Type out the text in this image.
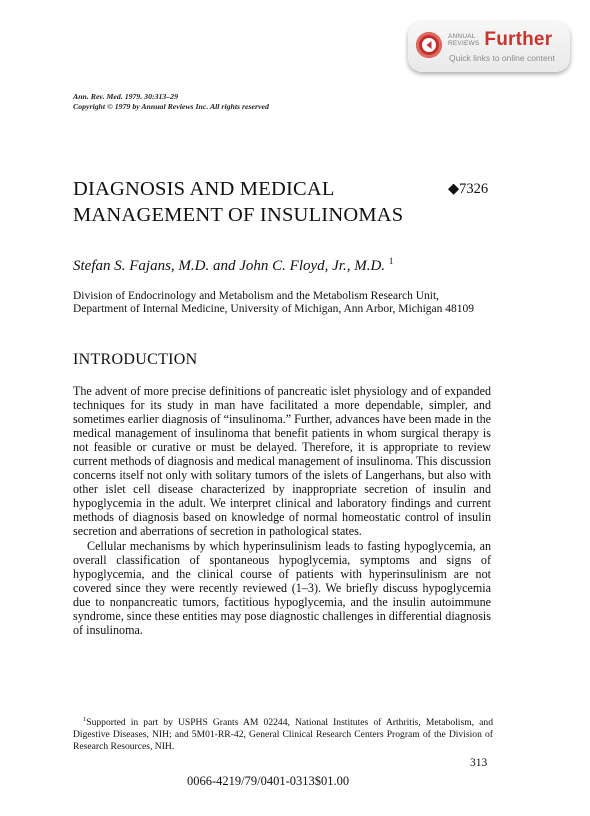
ANNUAL
REVIEWS Further
Quick links to online content
Ann. Rev. Med. 1979. 30:313–29
Copyright © 1979 by Annual Reviews Inc. All rights reserved
DIAGNOSIS AND MEDICAL
MANAGEMENT OF INSULINOMAS
◆7326
Stefan S. Fajans, M.D. and John C. Floyd, Jr., M.D. $^1$
Division of Endocrinology and Metabolism and the Metabolism Research Unit, Department of Internal Medicine, University of Michigan, Ann Arbor, Michigan 48109
INTRODUCTION

The advent of more precise definitions of pancreatic islet physiology and of expanded techniques for its study in man have facilitated a more dependable, simpler, and sometimes earlier diagnosis of “insulinoma.” Further, advances have been made in the medical management of insulinoma that benefit patients in whom surgical therapy is not feasible or curative or must be delayed. Therefore, it is appropriate to review current methods of diagnosis and medical management of insulinoma. This discussion concerns itself not only with solitary tumors of the islets of Langerhans, but also with other islet cell disease characterized by inappropriate secretion of insulin and hypoglycemia in the adult. We interpret clinical and laboratory findings and current methods of diagnosis based on knowledge of normal homeostatic control of insulin secretion and aberrations of secretion in pathological states.

Cellular mechanisms by which hyperinsulinism leads to fasting hypoglycemia, an overall classification of spontaneous hypoglycemia, symptoms and signs of hypoglycemia, and the clinical course of patients with hyperinsulinism are not covered since they were recently reviewed (1–3). We briefly discuss hypoglycemia due to nonpancreatic tumors, factitious hypoglycemia, and the insulin autoimmune syndrome, since these entities may pose diagnostic challenges in differential diagnosis of insulinoma.

$^1$Supported in part by USPHS Grants AM 02244, National Institutes of Arthritis, Metabolism, and Digestive Diseases, NIH; and 5M01-RR-42, General Clinical Research Centers Program of the Division of Research Resources, NIH.
313
0066-4219/79/0401-0313$01.00
